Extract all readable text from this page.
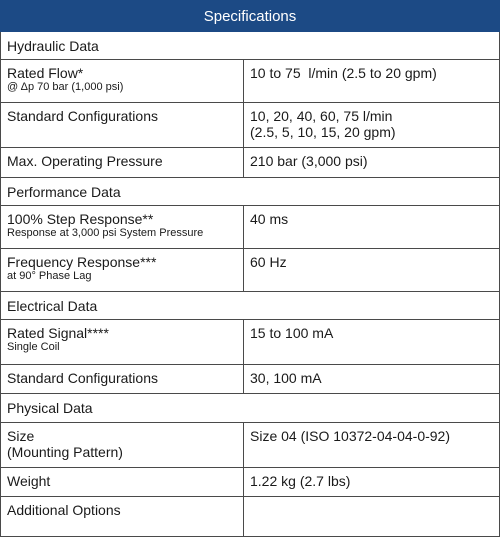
Specifications	
Hydraulic Data	
Rated Flow*
@ Δp 70 bar (1,000 psi)	10 to 75  l/min (2.5 to 20 gpm)
Standard Configurations	10, 20, 40, 60, 75 l/min
(2.5, 5, 10, 15, 20 gpm)

Max. Operating Pressure	210 bar (3,000 psi)
Performance Data	
100% Step Response**
Response at 3,000 psi System Pressure	40 ms
Frequency Response***
at 90° Phase Lag	60 Hz
Electrical Data	
Rated Signal****
Single Coil	15 to 100 mA
Standard Configurations	30, 100 mA
Physical Data	

Size
(Mounting Pattern)	Size 04 (ISO 10372-04-04-0-92)
Weight	1.22 kg (2.7 lbs)
Additional Options	
